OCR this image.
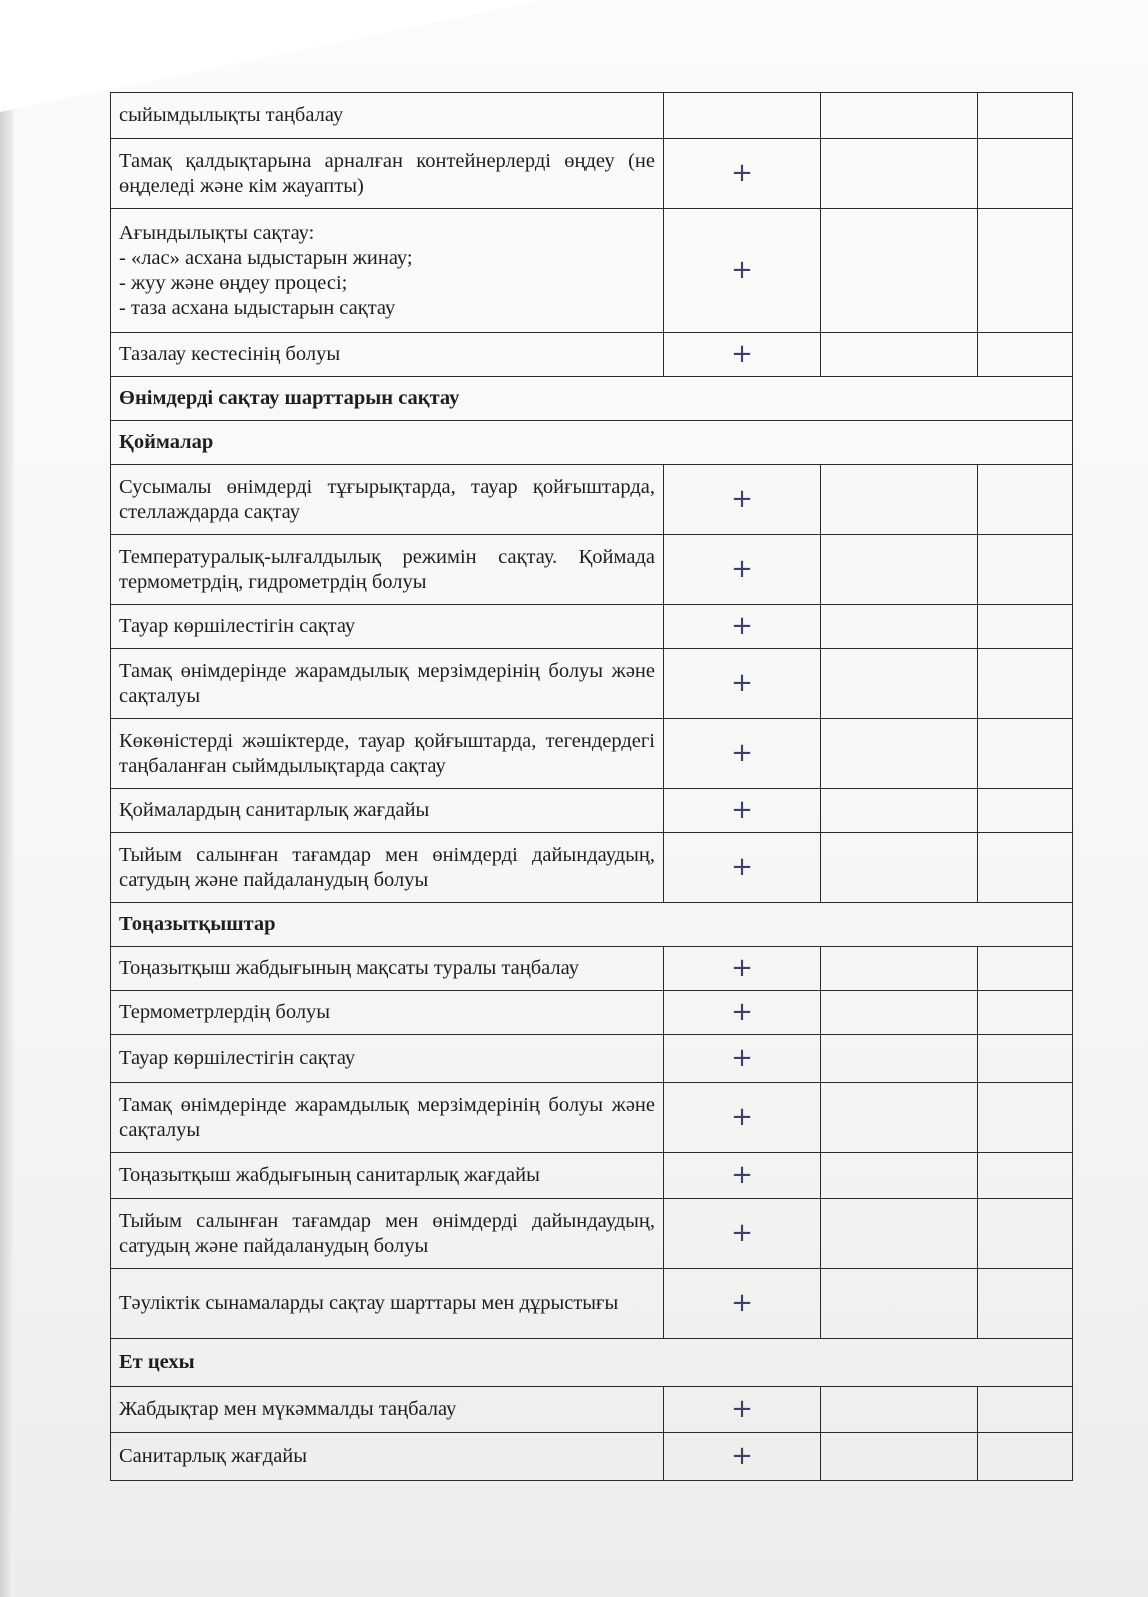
сыйымдылықты таңбалау			
Тамақ қалдықтарына арналған контейнерлерді өңдеу (не өңделеді және кім жауапты)	+		
Ағындылықты сақтау:
- «лас» асхана ыдыстарын жинау;
- жуу және өңдеу процесі;
- таза асхана ыдыстарын сақтау	+		
Тазалау кестесінің болуы	+		
Өнімдерді сақтау шарттарын сақтау			
Қоймалар			
Сусымалы өнімдерді тұғырықтарда, тауар қойғыштарда, стеллаждарда сақтау	+		
Температуралық-ылғалдылық режимін сақтау. Қоймада термометрдің, гидрометрдің болуы	+		
Тауар көршілестігін сақтау	+		
Тамақ өнімдерінде жарамдылық мерзімдерінің болуы және сақталуы	+		
Көкөністерді жәшіктерде, тауар қойғыштарда, тегендердегі таңбаланған сыймдылықтарда сақтау	+		
Қоймалардың санитарлық жағдайы	+		
Тыйым салынған тағамдар мен өнімдерді дайындаудың, сатудың және пайдаланудың болуы	+		
Тоңазытқыштар			
Тоңазытқыш жабдығының мақсаты туралы таңбалау	+		
Термометрлердің болуы	+		
Тауар көршілестігін сақтау	+		
Тамақ өнімдерінде жарамдылық мерзімдерінің болуы және сақталуы	+		
Тоңазытқыш жабдығының санитарлық жағдайы	+		
Тыйым салынған тағамдар мен өнімдерді дайындаудың, сатудың және пайдаланудың болуы	+		
Тәуліктік сынамаларды сақтау шарттары мен дұрыстығы	+		
Ет цехы			
Жабдықтар мен мүкәммалды таңбалау	+		
Санитарлық жағдайы	+		
